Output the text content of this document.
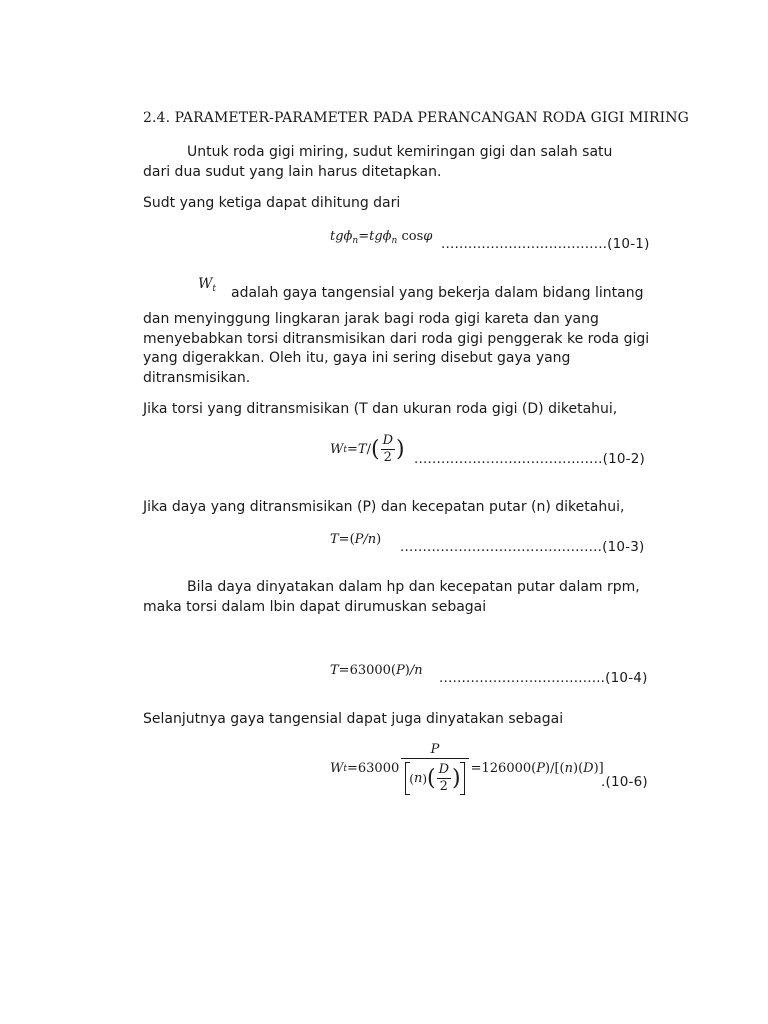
2.4. PARAMETER-PARAMETER PADA PERANCANGAN RODA GIGI MIRING
Untuk roda gigi miring, sudut kemiringan gigi dan salah satu dari dua sudut yang lain harus ditetapkan.
Sudt yang ketiga dapat dihitung dari
tgϕ$_n$=tgϕ$_n$ cosφ .....................................(10-1)
$W_t$ adalah gaya tangensial yang bekerja dalam bidang lintang
dan menyinggung lingkaran jarak bagi roda gigi kareta dan yang menyebabkan torsi ditransmisikan dari roda gigi penggerak ke roda gigi yang digerakkan. Oleh itu, gaya ini sering disebut gaya yang ditransmisikan.
Jika torsi yang ditransmisikan (T dan ukuran roda gigi (D) diketahui,
W t = T / ( $\frac{D}{2}$ ) ..........................................(10-2)
Jika daya yang ditransmisikan (P) dan kecepatan putar (n) diketahui,
T=(P/n) .............................................(10-3)
Bila daya dinyatakan dalam hp dan kecepatan putar dalam rpm, maka torsi dalam lbin dapat dirumuskan sebagai
T=63000(P)/n .....................................(10-4)
Selanjutnya gaya tangensial dapat juga dinyatakan sebagai
W $t =63000 \frac{P}{( n ) ( \frac{D}{2} )} =126000$ ( P ) / [ ( n ) ( D ) ]
.(10-6)
